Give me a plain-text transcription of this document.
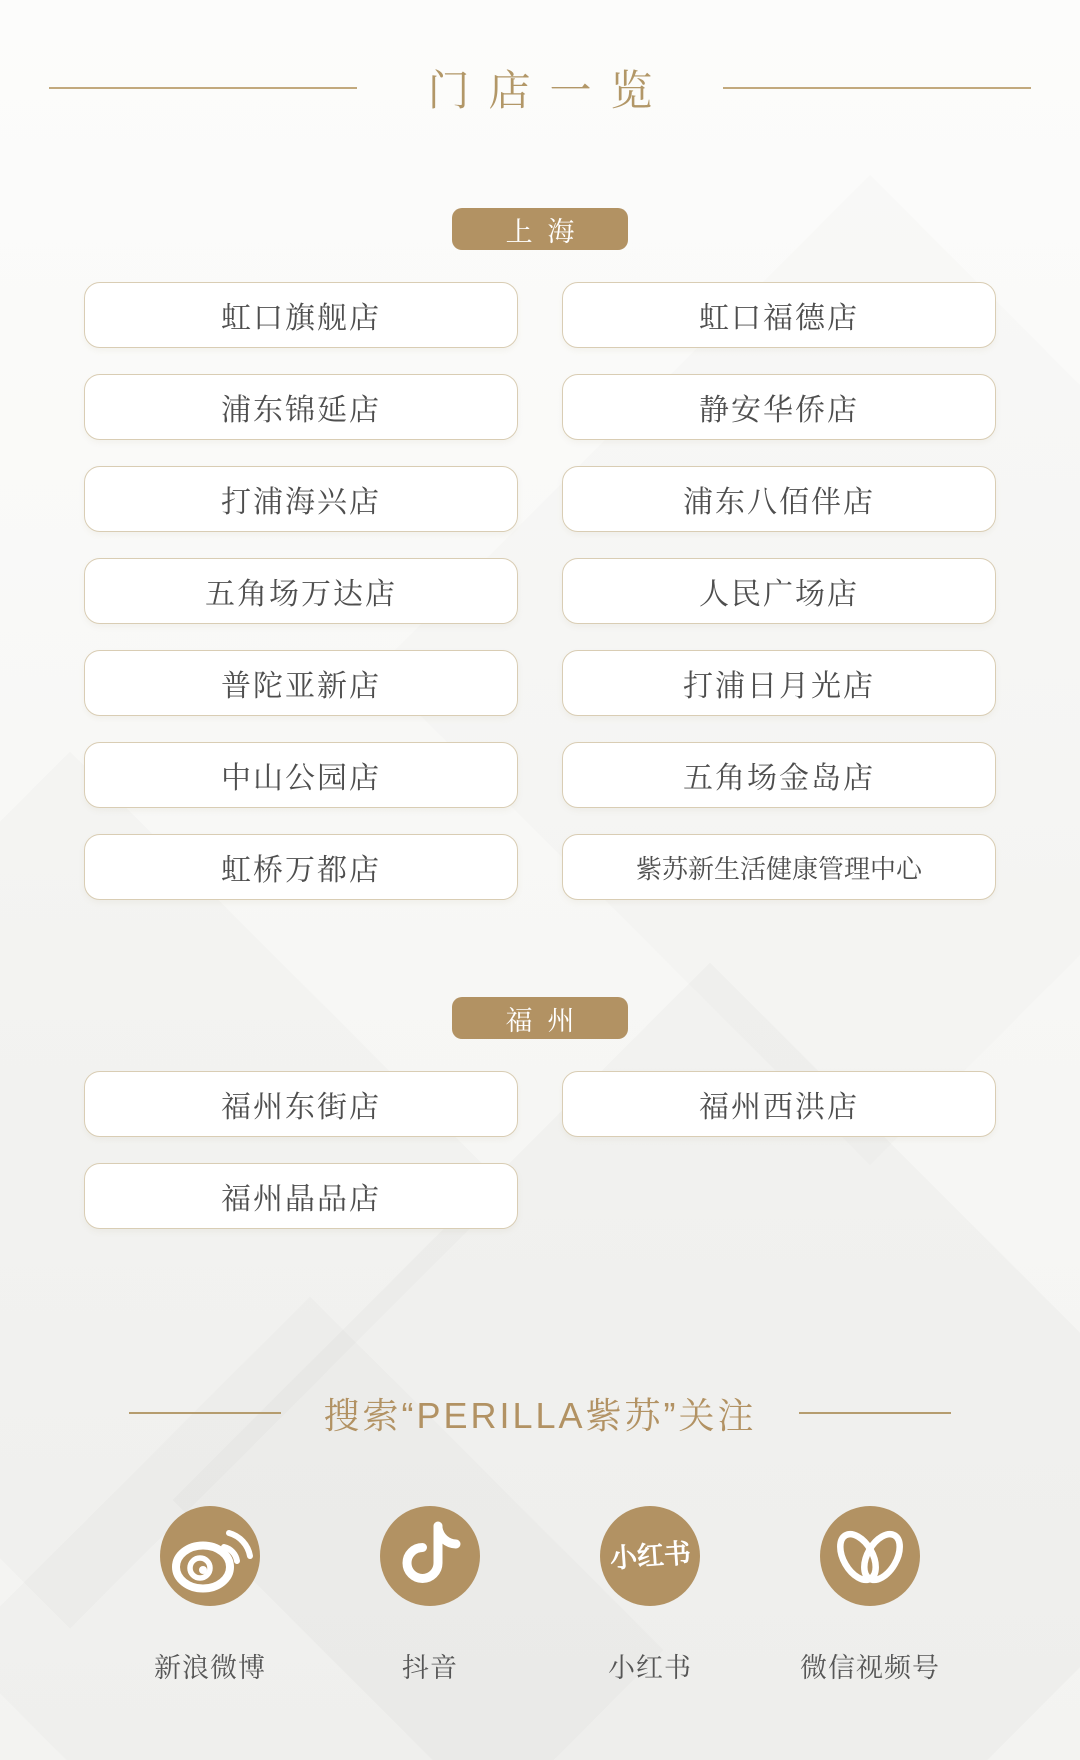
门店一览
上海
虹口旗舰店	虹口福德店
浦东锦延店	静安华侨店
打浦海兴店	浦东八佰伴店
五角场万达店	人民广场店
普陀亚新店	打浦日月光店
中山公园店	五角场金岛店
虹桥万都店	紫苏新生活健康管理中心
福州
福州东街店	福州西洪店
福州晶品店
搜索“PERILLA紫苏”关注
新浪微博	抖音
小红书
小红书	微信视频号
